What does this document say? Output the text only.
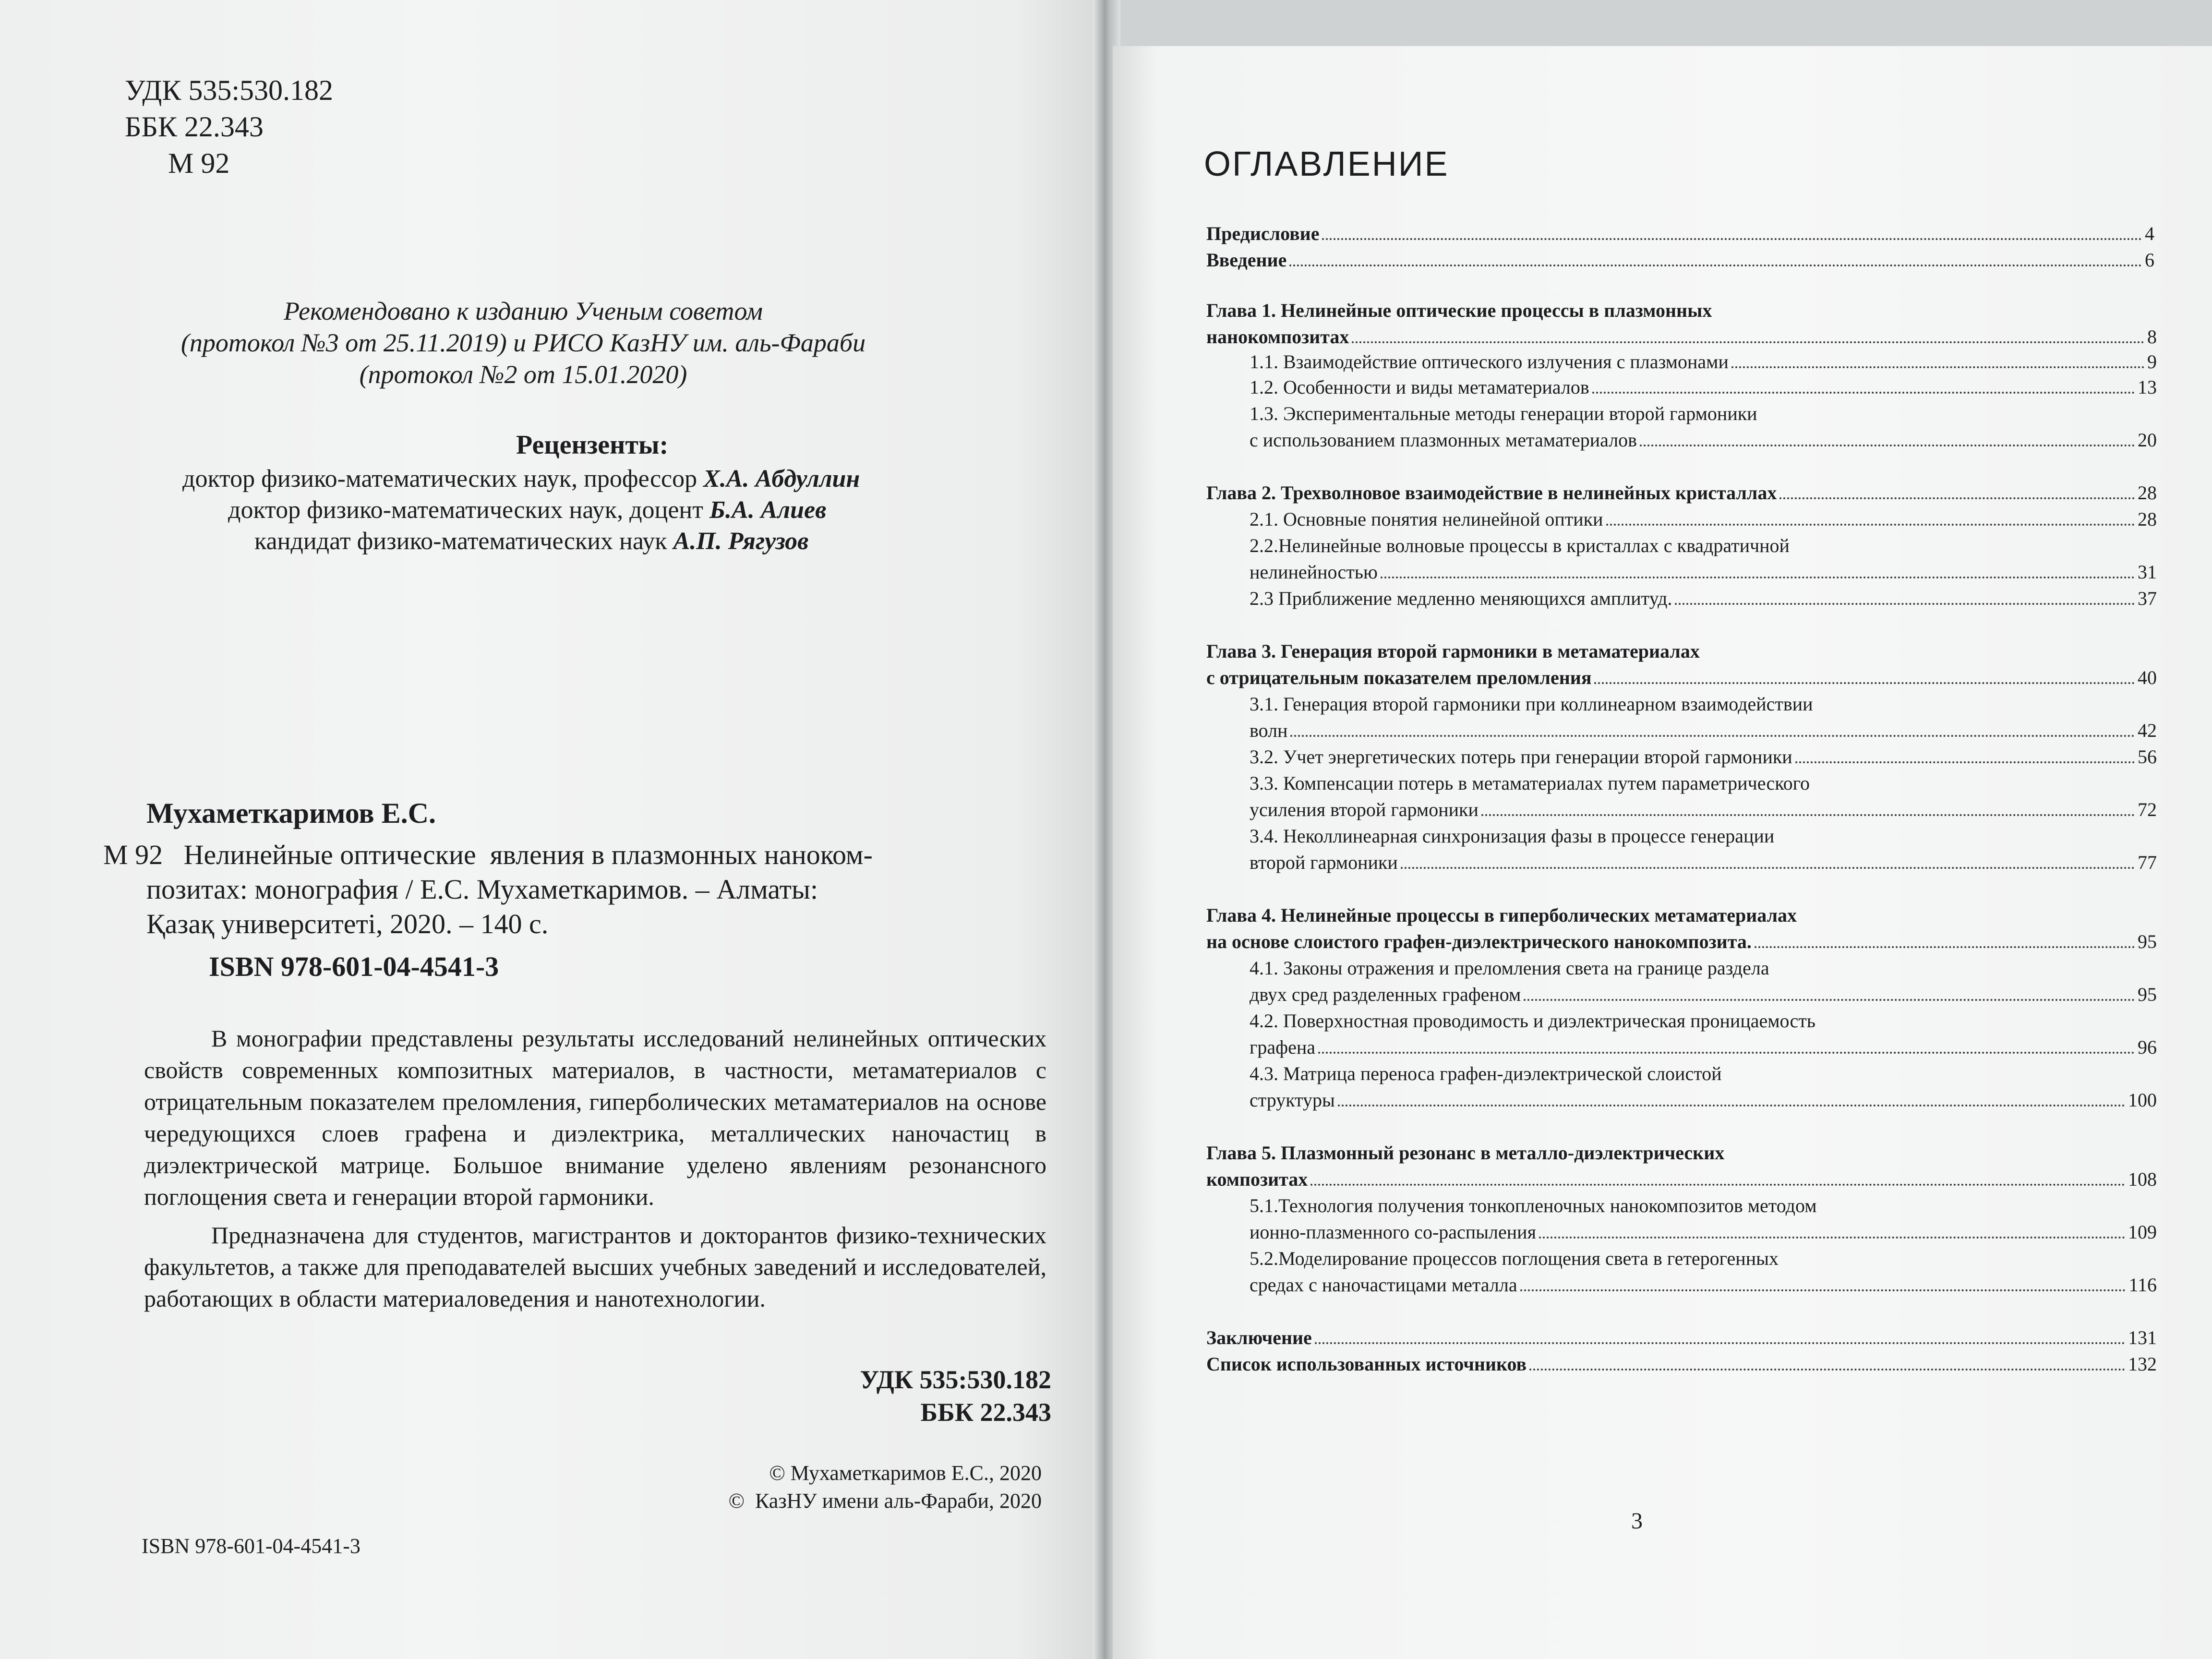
УДК 535:530.182
ББК 22.343
М 92
Рекомендовано к изданию Ученым советом
(протокол №3 от 25.11.2019) и РИСО КазНУ им. аль-Фараби
(протокол №2 от 15.01.2020)
Рецензенты:
доктор физико-математических наук, профессор Х.А. Абдуллин
доктор физико-математических наук, доцент Б.А. Алиев
кандидат физико-математических наук А.П. Рягузов
Мухаметкаримов Е.С.
М 92   Нелинейные оптические  явления в плазмонных наноком-
позитах: монография / Е.С. Мухаметкаримов. – Алматы:
Қазақ университеті, 2020. – 140 с.
ISBN 978-601-04-4541-3

В монографии представлены результаты исследований нелинейных оптических свойств современных композитных материалов, в частности, метаматериалов с отрицательным показателем преломления, гиперболических метаматериалов на основе чередующихся слоев графена и диэлектрика, металлических наночастиц в диэлектрической матрице. Большое внимание уделено явлениям резонансного поглощения света и генерации второй гармоники.

Предназначена для студентов, магистрантов и докторантов физико-технических факультетов, а также для преподавателей высших учебных заведений и исследователей, работающих в области материаловедения и нанотехнологии.

УДК 535:530.182
ББК 22.343
© Мухаметкаримов Е.С., 2020
©  КазНУ имени аль-Фараби, 2020
ISBN 978-601-04-4541-3
ОГЛАВЛЕНИЕ
Предисловие	4
Введение	6
Глава 1. Нелинейные оптические процессы в плазмонных
нанокомпозитах	8
1.1. Взаимодействие оптического излучения с плазмонами	9
1.2. Особенности и виды метаматериалов	13
1.3. Экспериментальные методы генерации второй гармоники
с использованием плазмонных метаматериалов	20
Глава 2. Трехволновое взаимодействие в нелинейных кристаллах	28
2.1. Основные понятия нелинейной оптики	28
2.2.Нелинейные волновые процессы в кристаллах с квадратичной
нелинейностью	31
2.3 Приближение медленно меняющихся амплитуд.	37
Глава 3. Генерация второй гармоники в метаматериалах
с отрицательным показателем преломления	40
3.1. Генерация второй гармоники при коллинеарном взаимодействии
волн	42
3.2. Учет энергетических потерь при генерации второй гармоники	56
3.3. Компенсации потерь в метаматериалах путем параметрического
усиления второй гармоники	72
3.4. Неколлинеарная синхронизация фазы в процессе генерации
второй гармоники	77
Глава 4. Нелинейные процессы в гиперболических метаматериалах
на основе слоистого графен-диэлектрического нанокомпозита.	95
4.1. Законы отражения и преломления света на границе раздела
двух сред разделенных графеном	95
4.2. Поверхностная проводимость и диэлектрическая проницаемость
графена	96
4.3. Матрица переноса графен-диэлектрической слоистой
структуры	100
Глава 5. Плазмонный резонанс в металло-диэлектрических
композитах	108
5.1.Технология получения тонкопленочных нанокомпозитов методом
ионно-плазменного со-распыления	109
5.2.Моделирование процессов поглощения света в гетерогенных
средах с наночастицами металла	116
Заключение	131
Список использованных источников	132
3
